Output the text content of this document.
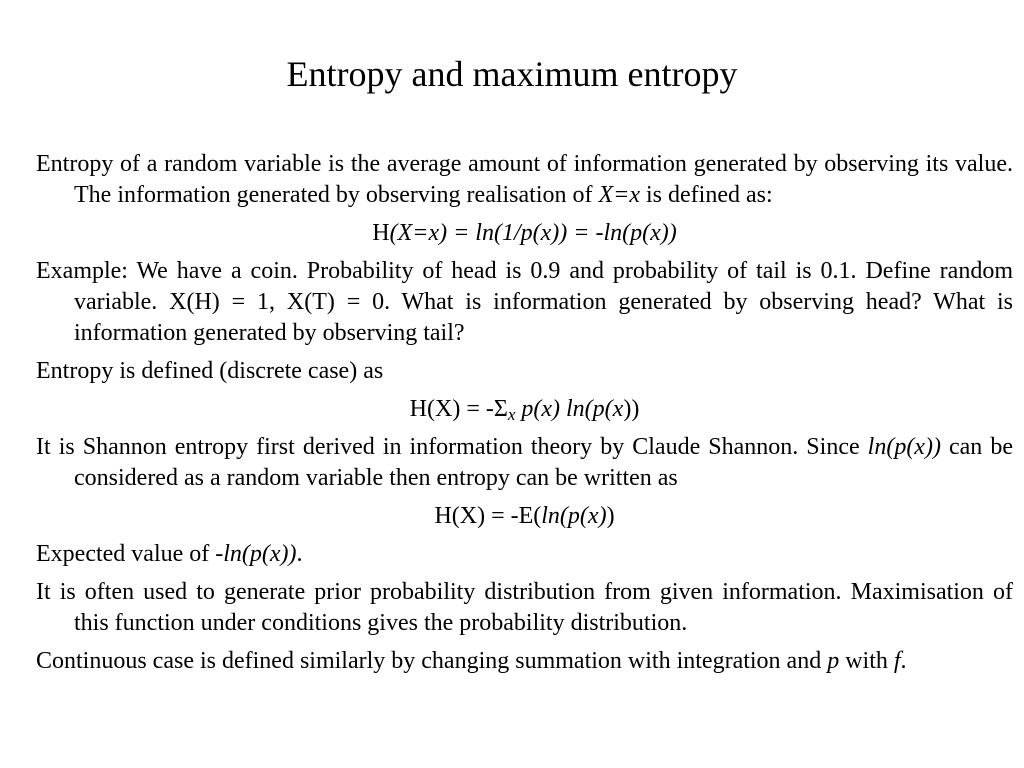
Entropy and maximum entropy

Entropy of a random variable is the average amount of information generated by observing its value. The information generated by observing realisation of X=x is defined as:

H(X=x) = ln(1/p(x)) = -ln(p(x))

Example: We have a coin. Probability of head is 0.9 and probability of tail is 0.1. Define random variable. X(H) = 1, X(T) = 0. What is information generated by observing head? What is information generated by observing tail?

Entropy is defined (discrete case) as

$H(X) = -\Sigma_x$ p(x) ln(p(x))

It is Shannon entropy first derived in information theory by Claude Shannon. Since ln(p(x)) can be considered as a random variable then entropy can be written as

H(X) = -E(ln(p(x))

Expected value of -ln(p(x)).

It is often used to generate prior probability distribution from given information. Maximisation of this function under conditions gives the probability distribution.

Continuous case is defined similarly by changing summation with integration and p with f.
